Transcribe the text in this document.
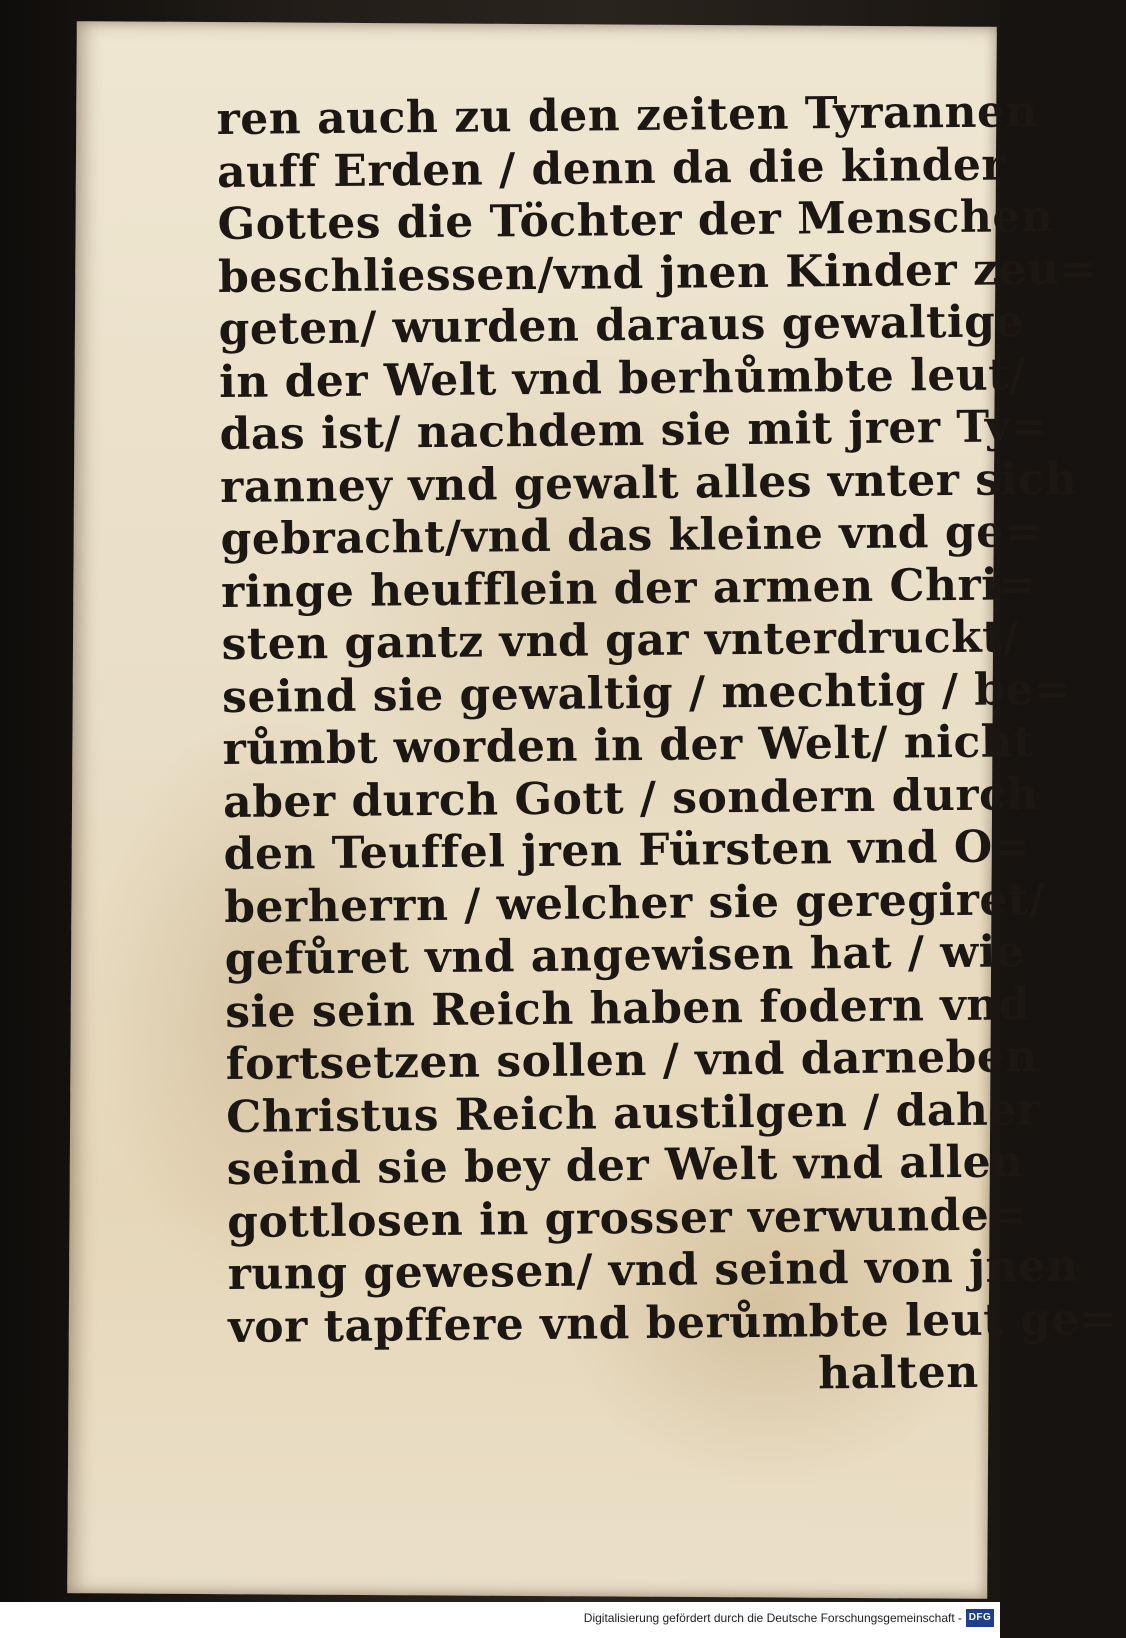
ren auch zu den zeiten Tyrannen
auff Erden / denn da die kinder
Gottes die Töchter der Menschen
beschliessen/vnd jnen Kinder zeu=
geten/ wurden daraus gewaltige
in der Welt vnd berhůmbte leut/
das ist/ nachdem sie mit jrer Ty=
ranney vnd gewalt alles vnter sich
gebracht/vnd das kleine vnd ge=
ringe heufflein der armen Chri=
sten gantz vnd gar vnterdruckt/
seind sie gewaltig / mechtig / be=
růmbt worden in der Welt/ nicht
aber durch Gott / sondern durch
den Teuffel jren Fürsten vnd O=
berherrn / welcher sie geregiret/
gefůret vnd angewisen hat / wie
sie sein Reich haben fodern vnd
fortsetzen sollen / vnd darneben
Christus Reich austilgen / daher
seind sie bey der Welt vnd allen
gottlosen in grosser verwunde=
rung gewesen/ vnd seind von jnen
vor tapffere vnd berůmbte leut ge=
halten
Digitalisierung gefördert durch die Deutsche Forschungsgemeinschaft - DFG
